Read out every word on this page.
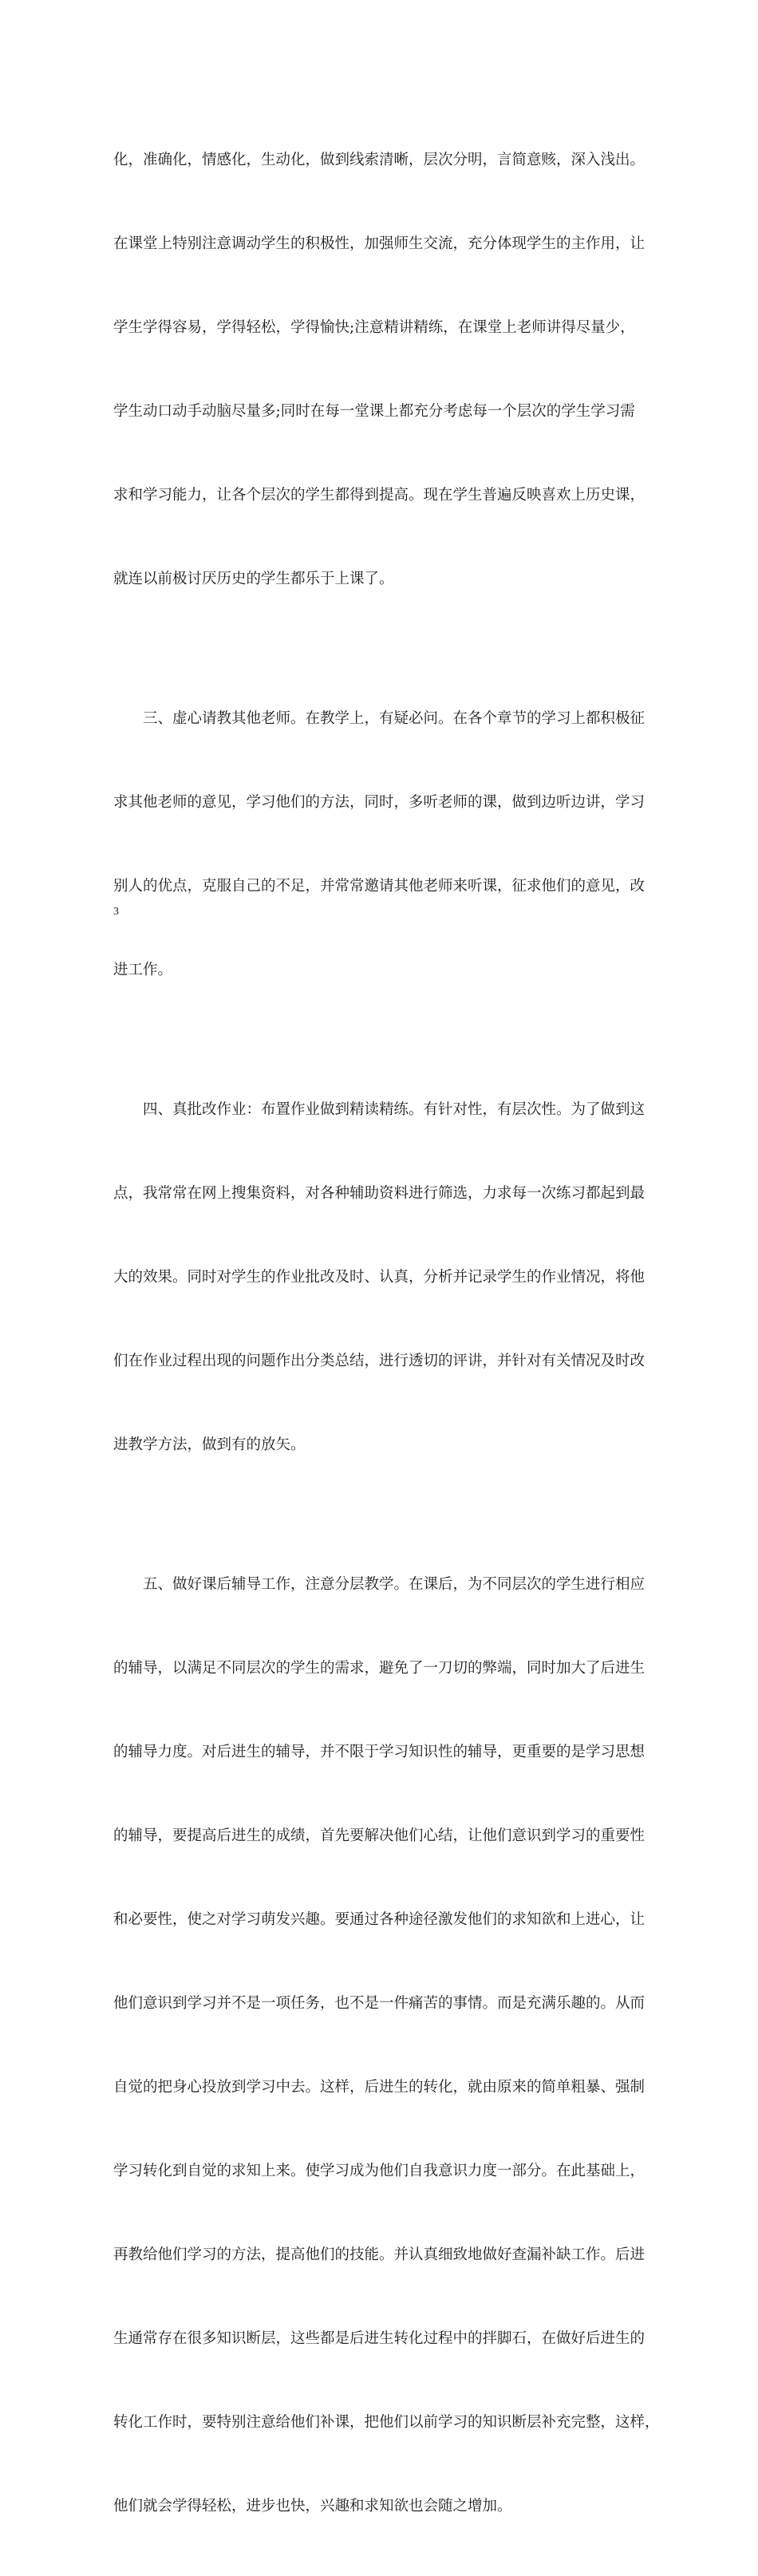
化，准确化，情感化，生动化，做到线索清晰，层次分明，言简意赅，深入浅出。

在课堂上特别注意调动学生的积极性，加强师生交流，充分体现学生的主作用，让

学生学得容易，学得轻松，学得愉快;注意精讲精练，在课堂上老师讲得尽量少，

学生动口动手动脑尽量多;同时在每一堂课上都充分考虑每一个层次的学生学习需

求和学习能力，让各个层次的学生都得到提高。现在学生普遍反映喜欢上历史课，

就连以前极讨厌历史的学生都乐于上课了。

　　三、虚心请教其他老师。在教学上，有疑必问。在各个章节的学习上都积极征

求其他老师的意见，学习他们的方法，同时，多听老师的课，做到边听边讲，学习

别人的优点，克服自己的不足，并常常邀请其他老师来听课，征求他们的意见，改

进工作。

　　四、真批改作业：布置作业做到精读精练。有针对性，有层次性。为了做到这

点，我常常在网上搜集资料，对各种辅助资料进行筛选，力求每一次练习都起到最

大的效果。同时对学生的作业批改及时、认真，分析并记录学生的作业情况，将他

们在作业过程出现的问题作出分类总结，进行透切的评讲，并针对有关情况及时改

进教学方法，做到有的放矢。

　　五、做好课后辅导工作，注意分层教学。在课后，为不同层次的学生进行相应

的辅导，以满足不同层次的学生的需求，避免了一刀切的弊端，同时加大了后进生

的辅导力度。对后进生的辅导，并不限于学习知识性的辅导，更重要的是学习思想

的辅导，要提高后进生的成绩，首先要解决他们心结，让他们意识到学习的重要性

和必要性，使之对学习萌发兴趣。要通过各种途径激发他们的求知欲和上进心，让

他们意识到学习并不是一项任务，也不是一件痛苦的事情。而是充满乐趣的。从而

自觉的把身心投放到学习中去。这样，后进生的转化，就由原来的简单粗暴、强制

学习转化到自觉的求知上来。使学习成为他们自我意识力度一部分。在此基础上，

再教给他们学习的方法，提高他们的技能。并认真细致地做好查漏补缺工作。后进

生通常存在很多知识断层，这些都是后进生转化过程中的拌脚石，在做好后进生的

转化工作时，要特别注意给他们补课，把他们以前学习的知识断层补充完整，这样，

他们就会学得轻松，进步也快，兴趣和求知欲也会随之增加。

3
